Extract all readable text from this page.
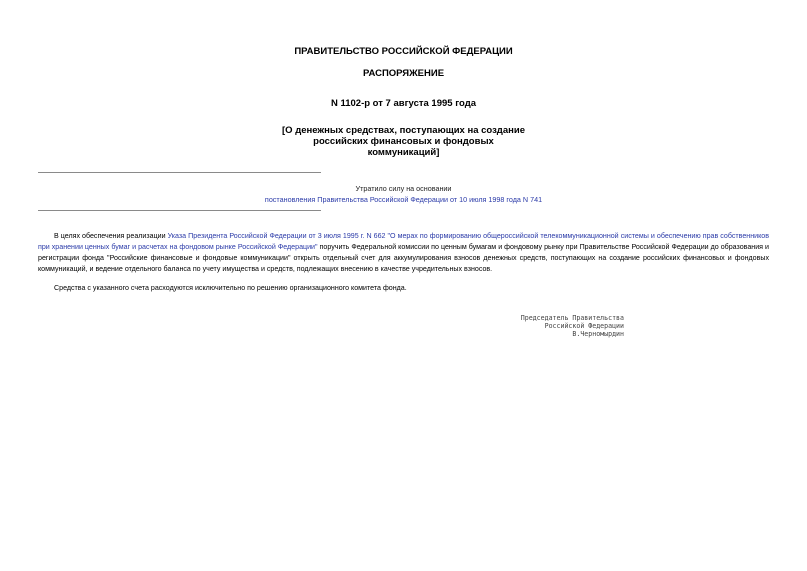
ПРАВИТЕЛЬСТВО РОССИЙСКОЙ ФЕДЕРАЦИИ
РАСПОРЯЖЕНИЕ
N 1102-р от 7 августа 1995 года
[О денежных средствах, поступающих на создание
российских финансовых и фондовых
коммуникаций]
Утратило силу на основании
постановления Правительства Российской Федерации от 10 июля 1998 года N 741
В целях обеспечения реализации Указа Президента Российской Федерации от 3 июля 1995 г. N 662 "О мерах по формированию общероссийской телекоммуникационной системы и обеспечению прав собственников при хранении ценных бумаг и расчетах на фондовом рынке Российской Федерации" поручить Федеральной комиссии по ценным бумагам и фондовому рынку при Правительстве Российской Федерации до образования и регистрации фонда "Российские финансовые и фондовые коммуникации" открыть отдельный счет для аккумулирования взносов денежных средств, поступающих на создание российских финансовых и фондовых коммуникаций, и ведение отдельного баланса по учету имущества и средств, подлежащих внесению в качестве учредительных взносов.
Средства с указанного счета расходуются исключительно по решению организационного комитета фонда.
Председатель Правительства
Российской Федерации
В.Черномырдин
